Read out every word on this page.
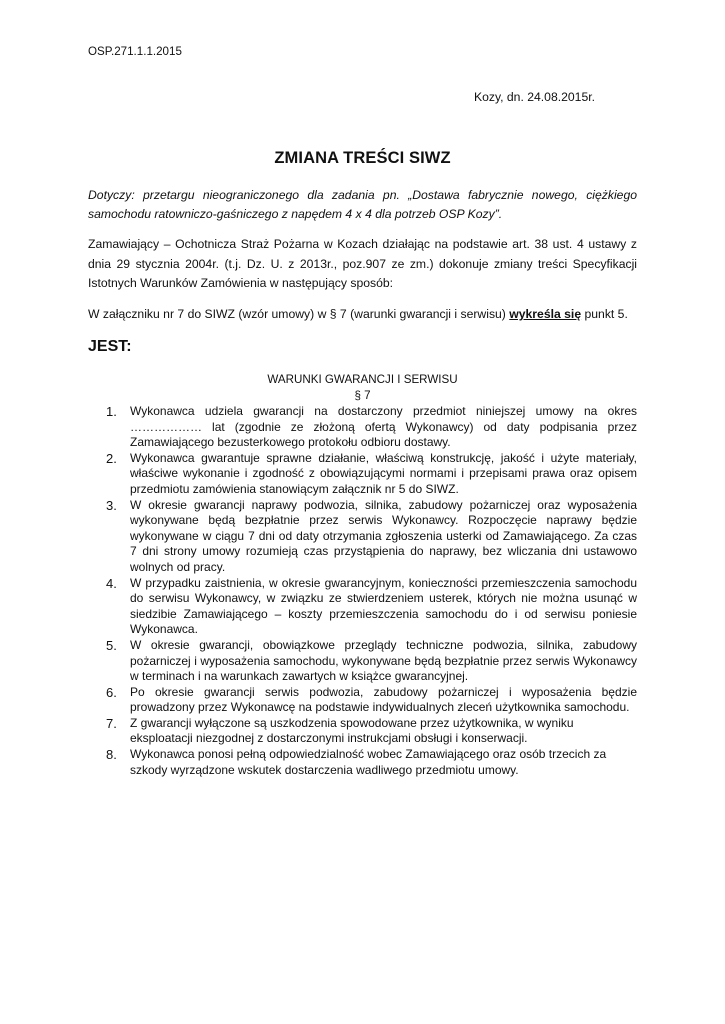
OSP.271.1.1.2015
Kozy, dn. 24.08.2015r.
ZMIANA TREŚCI SIWZ
Dotyczy: przetargu nieograniczonego dla zadania pn. „Dostawa fabrycznie nowego, ciężkiego samochodu ratowniczo-gaśniczego z napędem 4 x 4 dla potrzeb OSP Kozy”.
Zamawiający – Ochotnicza Straż Pożarna w Kozach działając na podstawie art. 38 ust. 4 ustawy z dnia 29 stycznia 2004r. (t.j. Dz. U. z 2013r., poz.907 ze zm.) dokonuje zmiany treści Specyfikacji Istotnych Warunków Zamówienia w następujący sposób:
W załączniku nr 7 do SIWZ (wzór umowy) w § 7 (warunki gwarancji i serwisu) wykreśla się punkt 5.
JEST:
WARUNKI GWARANCJI I SERWISU
§ 7
1. Wykonawca udziela gwarancji na dostarczony przedmiot niniejszej umowy na okres ……………… lat (zgodnie ze złożoną ofertą Wykonawcy) od daty podpisania przez Zamawiającego bezusterkowego protokołu odbioru dostawy.
2. Wykonawca gwarantuje sprawne działanie, właściwą konstrukcję, jakość i użyte materiały, właściwe wykonanie i zgodność z obowiązującymi normami i przepisami prawa oraz opisem przedmiotu zamówienia stanowiącym załącznik nr 5 do SIWZ.
3. W okresie gwarancji naprawy podwozia, silnika, zabudowy pożarniczej oraz wyposażenia wykonywane będą bezpłatnie przez serwis Wykonawcy. Rozpoczęcie naprawy będzie wykonywane w ciągu 7 dni od daty otrzymania zgłoszenia usterki od Zamawiającego. Za czas 7 dni strony umowy rozumieją czas przystąpienia do naprawy, bez wliczania dni ustawowo wolnych od pracy.
4. W przypadku zaistnienia, w okresie gwarancyjnym, konieczności przemieszczenia samochodu do serwisu Wykonawcy, w związku ze stwierdzeniem usterek, których nie można usunąć w siedzibie Zamawiającego – koszty przemieszczenia samochodu do i od serwisu poniesie Wykonawca.
5. W okresie gwarancji, obowiązkowe przeglądy techniczne podwozia, silnika, zabudowy pożarniczej i wyposażenia samochodu, wykonywane będą bezpłatnie przez serwis Wykonawcy w terminach i na warunkach zawartych w książce gwarancyjnej.
6. Po okresie gwarancji serwis podwozia, zabudowy pożarniczej i wyposażenia będzie prowadzony przez Wykonawcę na podstawie indywidualnych zleceń użytkownika samochodu.
7. Z gwarancji wyłączone są uszkodzenia spowodowane przez użytkownika, w wyniku eksploatacji niezgodnej z dostarczonymi instrukcjami obsługi i konserwacji.
8. Wykonawca ponosi pełną odpowiedzialność wobec Zamawiającego oraz osób trzecich za szkody wyrządzone wskutek dostarczenia wadliwego przedmiotu umowy.
